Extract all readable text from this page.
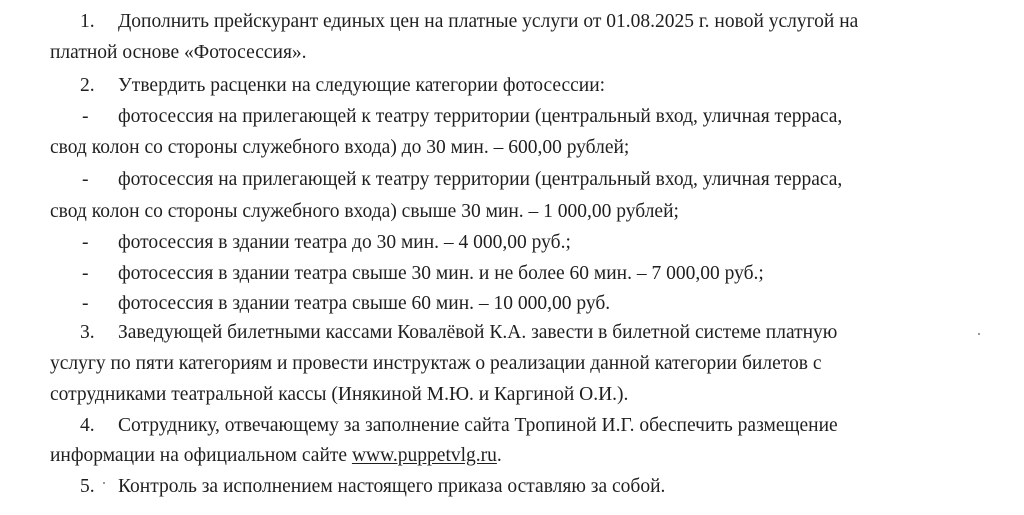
1. Дополнить прейскурант единых цен на платные услуги от 01.08.2025 г. новой услугой на
платной основе «Фотосессия».
2. Утвердить расценки на следующие категории фотосессии:
- фотосессия на прилегающей к театру территории (центральный вход, уличная терраса,
свод колон со стороны служебного входа) до 30 мин. – 600,00 рублей;
- фотосессия на прилегающей к театру территории (центральный вход, уличная терраса,
свод колон со стороны служебного входа) свыше 30 мин. – 1 000,00 рублей;
- фотосессия в здании театра до 30 мин. – 4 000,00 руб.;
- фотосессия в здании театра свыше 30 мин. и не более 60 мин. – 7 000,00 руб.;
- фотосессия в здании театра свыше 60 мин. – 10 000,00 руб.
3. Заведующей билетными кассами Ковалёвой К.А. завести в билетной системе платную
услугу по пяти категориям и провести инструктаж о реализации данной категории билетов с
сотрудниками театральной кассы (Инякиной М.Ю. и Каргиной О.И.).
4. Сотруднику, отвечающему за заполнение сайта Тропиной И.Г. обеспечить размещение
информации на официальном сайте www.puppetvlg.ru.
5. Контроль за исполнением настоящего приказа оставляю за собой.
